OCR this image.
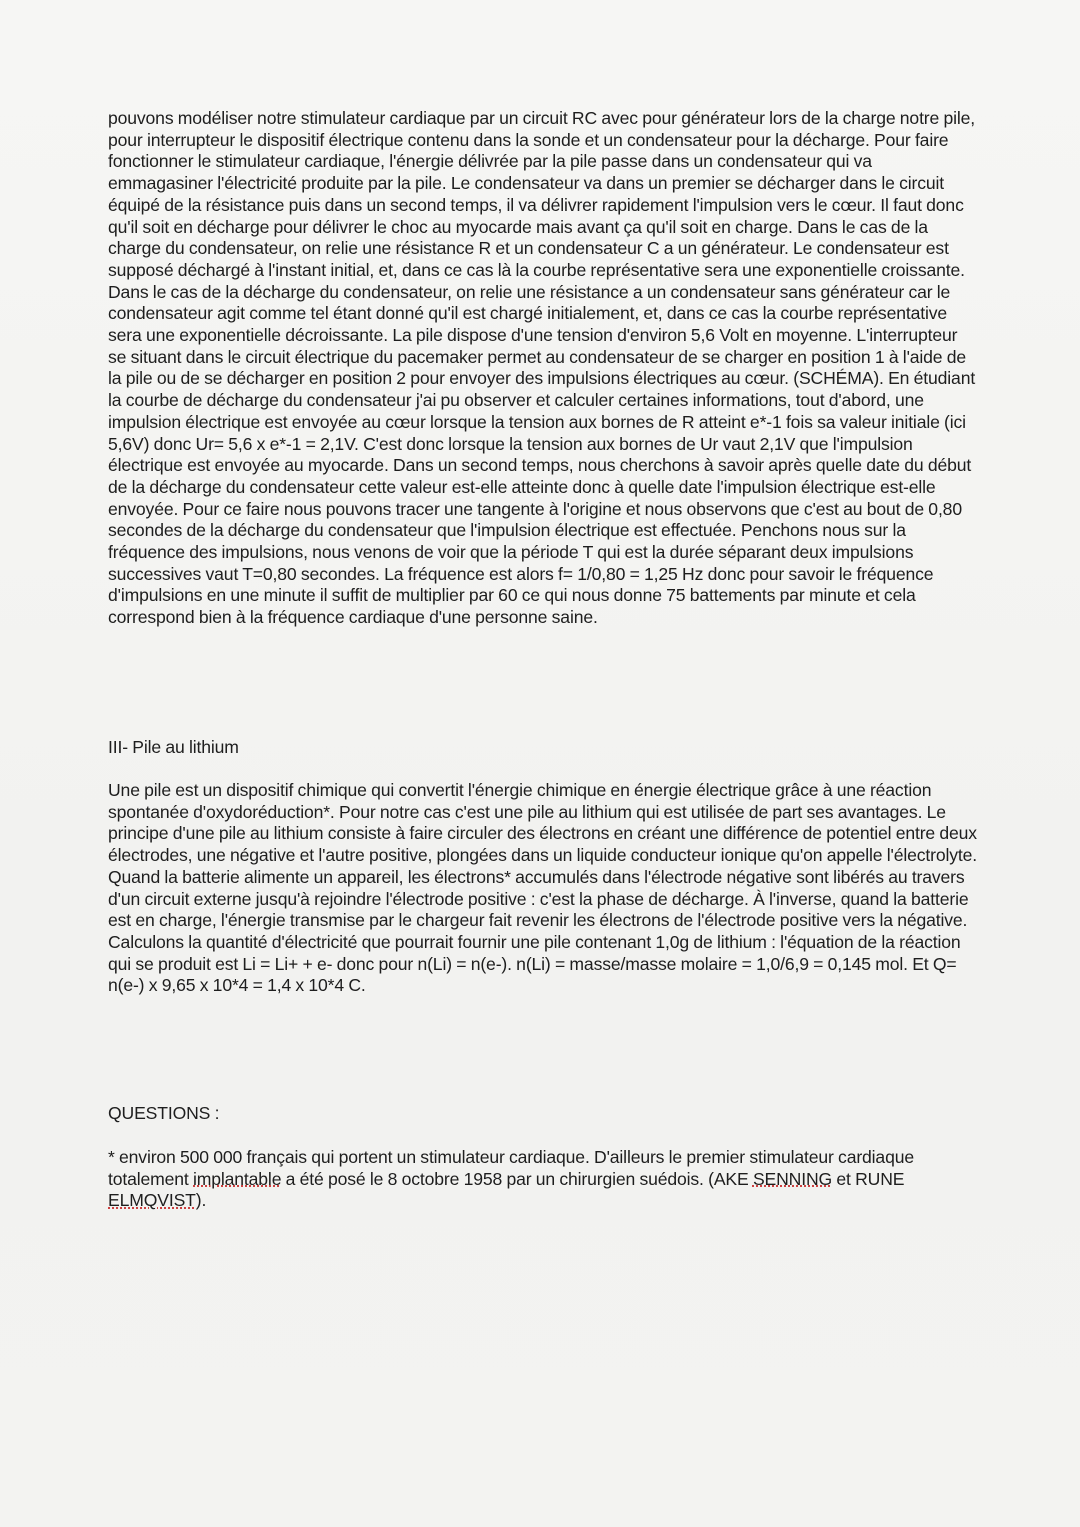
pouvons modéliser notre stimulateur cardiaque par un circuit RC avec pour générateur lors de la charge notre pile, pour interrupteur le dispositif électrique contenu dans la sonde et un condensateur pour la décharge. Pour faire fonctionner le stimulateur cardiaque, l'énergie délivrée par la pile passe dans un condensateur qui va emmagasiner l'électricité produite par la pile. Le condensateur va dans un premier se décharger dans le circuit équipé de la résistance puis dans un second temps, il va délivrer rapidement l'impulsion vers le cœur. Il faut donc qu'il soit en décharge pour délivrer le choc au myocarde mais avant ça qu'il soit en charge. Dans le cas de la charge du condensateur, on relie une résistance R et un condensateur C a un générateur. Le condensateur est supposé déchargé à l'instant initial, et, dans ce cas là la courbe représentative sera une exponentielle croissante. Dans le cas de la décharge du condensateur, on relie une résistance a un condensateur sans générateur car le condensateur agit comme tel étant donné qu'il est chargé initialement, et, dans ce cas la courbe représentative sera une exponentielle décroissante. La pile dispose d'une tension d'environ 5,6 Volt en moyenne. L'interrupteur se situant dans le circuit électrique du pacemaker permet au condensateur de se charger en position 1 à l'aide de la pile ou de se décharger en position 2 pour envoyer des impulsions électriques au cœur. (SCHÉMA). En étudiant la courbe de décharge du condensateur j'ai pu observer et calculer certaines informations, tout d'abord, une impulsion électrique est envoyée au cœur lorsque la tension aux bornes de R atteint e*-1 fois sa valeur initiale (ici 5,6V) donc Ur= 5,6 x e*-1 = 2,1V. C'est donc lorsque la tension aux bornes de Ur vaut 2,1V que l'impulsion électrique est envoyée au myocarde. Dans un second temps, nous cherchons à savoir après quelle date du début de la décharge du condensateur cette valeur est-elle atteinte donc à quelle date l'impulsion électrique est-elle envoyée. Pour ce faire nous pouvons tracer une tangente à l'origine et nous observons que c'est au bout de 0,80 secondes de la décharge du condensateur que l'impulsion électrique est effectuée. Penchons nous sur la fréquence des impulsions, nous venons de voir que la période T qui est la durée séparant deux impulsions successives vaut T=0,80 secondes. La fréquence est alors f= 1/0,80 = 1,25 Hz donc pour savoir le fréquence d'impulsions en une minute il suffit de multiplier par 60 ce qui nous donne 75 battements par minute et cela correspond bien à la fréquence cardiaque d'une personne saine.

III- Pile au lithium

Une pile est un dispositif chimique qui convertit l'énergie chimique en énergie électrique grâce à une réaction spontanée d'oxydoréduction*. Pour notre cas c'est une pile au lithium qui est utilisée de part ses avantages. Le principe d'une pile au lithium consiste à faire circuler des électrons en créant une différence de potentiel entre deux électrodes, une négative et l'autre positive, plongées dans un liquide conducteur ionique qu'on appelle l'électrolyte. Quand la batterie alimente un appareil, les électrons* accumulés dans l'électrode négative sont libérés au travers d'un circuit externe jusqu'à rejoindre l'électrode positive : c'est la phase de décharge. À l'inverse, quand la batterie est en charge, l'énergie transmise par le chargeur fait revenir les électrons de l'électrode positive vers la négative. Calculons la quantité d'électricité que pourrait fournir une pile contenant 1,0g de lithium : l'équation de la réaction qui se produit est Li = Li+ + e- donc pour n(Li) = n(e-). n(Li) = masse/masse molaire = 1,0/6,9 = 0,145 mol. Et Q= n(e-) x 9,65 x 10*4 = 1,4 x 10*4 C.

QUESTIONS :

* environ 500 000 français qui portent un stimulateur cardiaque. D'ailleurs le premier stimulateur cardiaque totalement implantable a été posé le 8 octobre 1958 par un chirurgien suédois. (AKE SENNING et RUNE ELMQVIST).
